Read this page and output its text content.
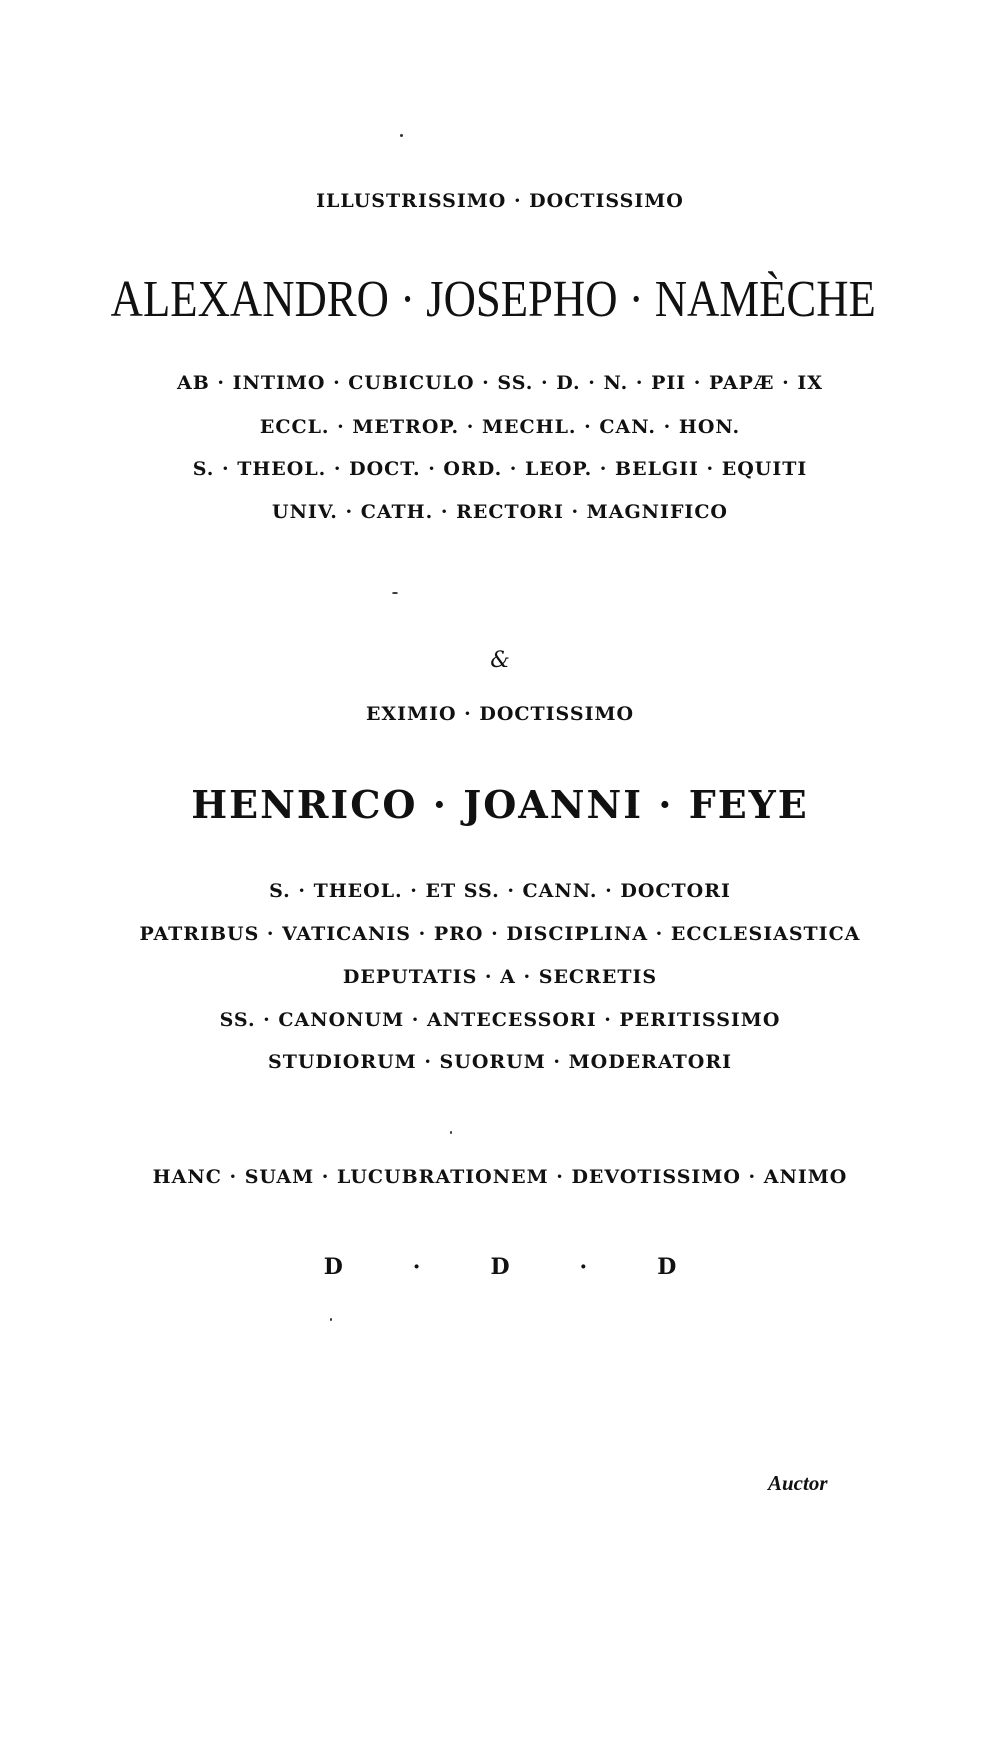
ILLUSTRISSIMO · DOCTISSIMO
ALEXANDRO · JOSEPHO · NAMÈCHE
AB · INTIMO · CUBICULO · SS. · D. · N. · PII · PAPÆ · IX
ECCL. · METROP. · MECHL. · CAN. · HON.
S. · THEOL. · DOCT. · ORD. · LEOP. · BELGII · EQUITI
UNIV. · CATH. · RECTORI · MAGNIFICO
&
EXIMIO · DOCTISSIMO
HENRICO · JOANNI · FEYE
S. · THEOL. · ET SS. · CANN. · DOCTORI
PATRIBUS · VATICANIS · PRO · DISCIPLINA · ECCLESIASTICA
DEPUTATIS · A · SECRETIS
SS. · CANONUM · ANTECESSORI · PERITISSIMO
STUDIORUM · SUORUM · MODERATORI
HANC · SUAM · LUCUBRATIONEM · DEVOTISSIMO · ANIMO
D	·	D	·	D
Auctor
